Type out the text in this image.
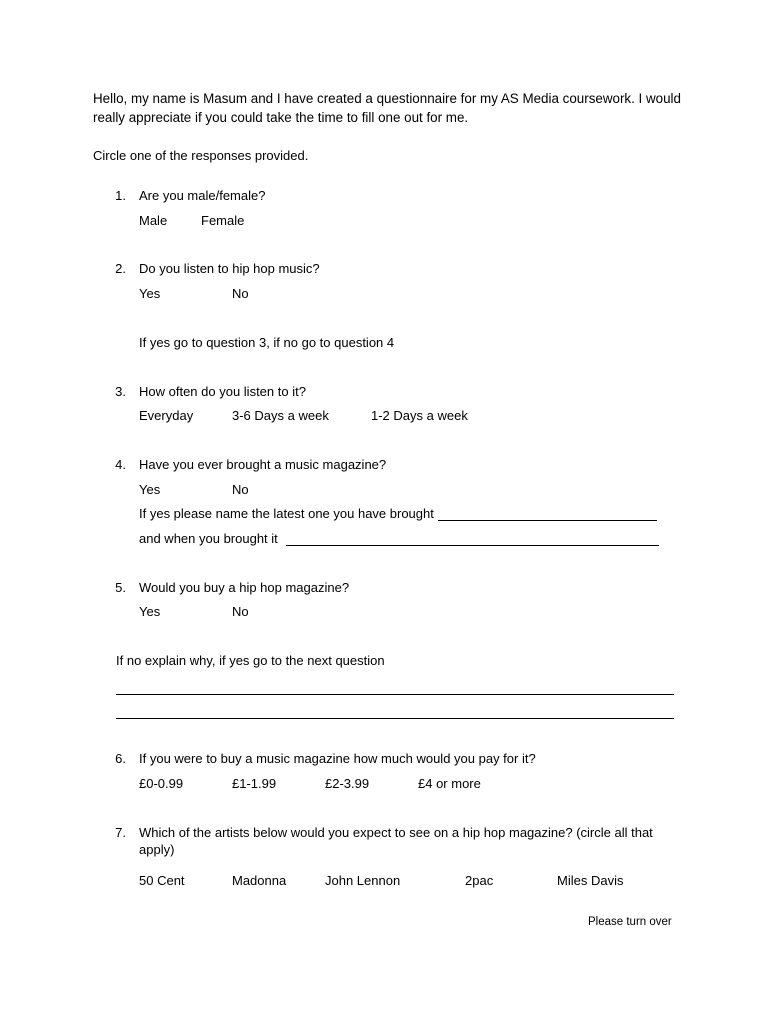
Hello, my name is Masum and I have created a questionnaire for my AS Media coursework. I would really appreciate if you could take the time to fill one out for me.
Circle one of the responses provided.
1. Are you male/female?
Male	Female
2. Do you listen to hip hop music?
Yes	No
If yes go to question 3, if no go to question 4
3. How often do you listen to it?
Everyday	3-6 Days a week	1-2 Days a week
4. Have you ever brought a music magazine?
Yes	No
If yes please name the latest one you have brought
and when you brought it
5. Would you buy a hip hop magazine?
Yes	No
If no explain why, if yes go to the next question
6. If you were to buy a music magazine how much would you pay for it?
£0-0.99	£1-1.99	£2-3.99	£4 or more
7. Which of the artists below would you expect to see on a hip hop magazine? (circle all that
apply)
50 Cent	Madonna	John Lennon	2pac	Miles Davis
Please turn over
